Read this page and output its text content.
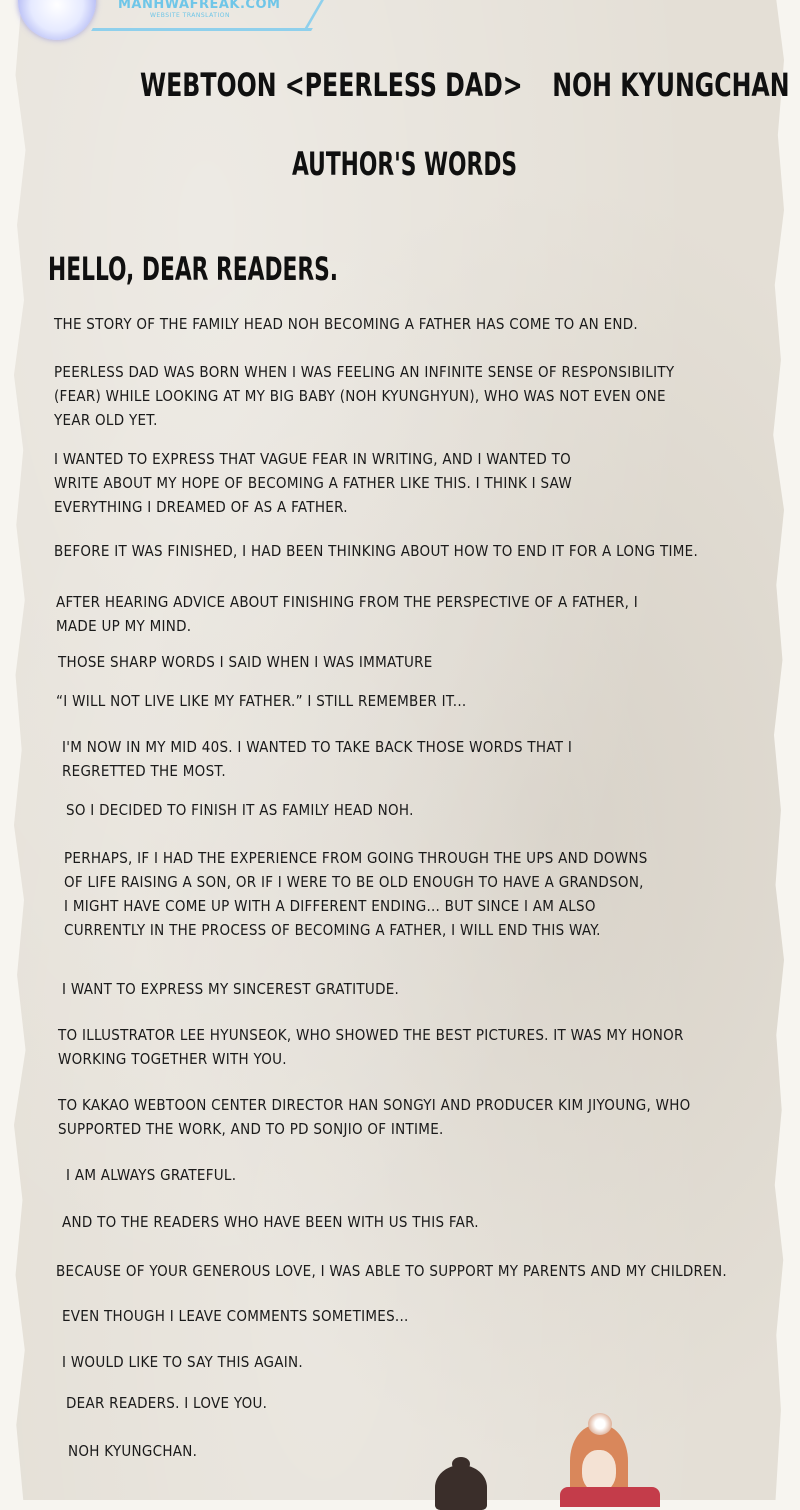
MANHWAFREAK.COM
WEBSITE TRANSLATION
WEBTOON <PEERLESS DAD> NOH KYUNGCHAN
AUTHOR'S WORDS
HELLO, DEAR READERS.
THE STORY OF THE FAMILY HEAD NOH BECOMING A FATHER HAS COME TO AN END.
PEERLESS DAD WAS BORN WHEN I WAS FEELING AN INFINITE SENSE OF RESPONSIBILITY
(FEAR) WHILE LOOKING AT MY BIG BABY (NOH KYUNGHYUN), WHO WAS NOT EVEN ONE
YEAR OLD YET.
I WANTED TO EXPRESS THAT VAGUE FEAR IN WRITING, AND I WANTED TO
WRITE ABOUT MY HOPE OF BECOMING A FATHER LIKE THIS. I THINK I SAW
EVERYTHING I DREAMED OF AS A FATHER.
BEFORE IT WAS FINISHED, I HAD BEEN THINKING ABOUT HOW TO END IT FOR A LONG TIME.
AFTER HEARING ADVICE ABOUT FINISHING FROM THE PERSPECTIVE OF A FATHER, I
MADE UP MY MIND.
THOSE SHARP WORDS I SAID WHEN I WAS IMMATURE
“I WILL NOT LIVE LIKE MY FATHER.” I STILL REMEMBER IT...
I'M NOW IN MY MID 40S. I WANTED TO TAKE BACK THOSE WORDS THAT I
REGRETTED THE MOST.
SO I DECIDED TO FINISH IT AS FAMILY HEAD NOH.
PERHAPS, IF I HAD THE EXPERIENCE FROM GOING THROUGH THE UPS AND DOWNS
OF LIFE RAISING A SON, OR IF I WERE TO BE OLD ENOUGH TO HAVE A GRANDSON,
I MIGHT HAVE COME UP WITH A DIFFERENT ENDING... BUT SINCE I AM ALSO
CURRENTLY IN THE PROCESS OF BECOMING A FATHER, I WILL END THIS WAY.
I WANT TO EXPRESS MY SINCEREST GRATITUDE.
TO ILLUSTRATOR LEE HYUNSEOK, WHO SHOWED THE BEST PICTURES. IT WAS MY HONOR
WORKING TOGETHER WITH YOU.
TO KAKAO WEBTOON CENTER DIRECTOR HAN SONGYI AND PRODUCER KIM JIYOUNG, WHO
SUPPORTED THE WORK, AND TO PD SONJIO OF INTIME.
I AM ALWAYS GRATEFUL.
AND TO THE READERS WHO HAVE BEEN WITH US THIS FAR.
BECAUSE OF YOUR GENEROUS LOVE, I WAS ABLE TO SUPPORT MY PARENTS AND MY CHILDREN.
EVEN THOUGH I LEAVE COMMENTS SOMETIMES...
I WOULD LIKE TO SAY THIS AGAIN.
DEAR READERS. I LOVE YOU.
NOH KYUNGCHAN.
